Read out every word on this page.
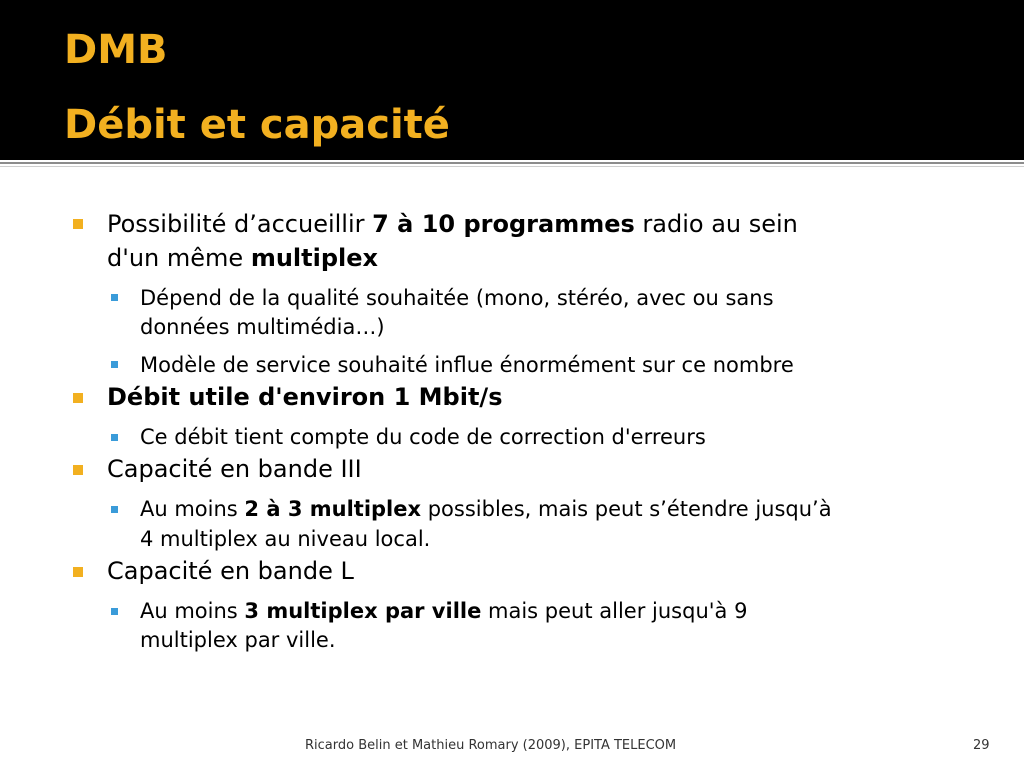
DMB
Débit et capacité
Possibilité d’accueillir 7 à 10 programmes radio au sein
d'un même multiplex
Dépend de la qualité souhaitée (mono, stéréo, avec ou sans
données multimédia…)
Modèle de service souhaité influe énormément sur ce nombre
Débit utile d'environ 1 Mbit/s
Ce débit tient compte du code de correction d'erreurs
Capacité en bande III
Au moins 2 à 3 multiplex possibles, mais peut s’étendre jusqu’à
4 multiplex au niveau local.
Capacité en bande L
Au moins 3 multiplex par ville mais peut aller jusqu'à 9
multiplex par ville.
Ricardo Belin et Mathieu Romary (2009), EPITA TELECOM	29
